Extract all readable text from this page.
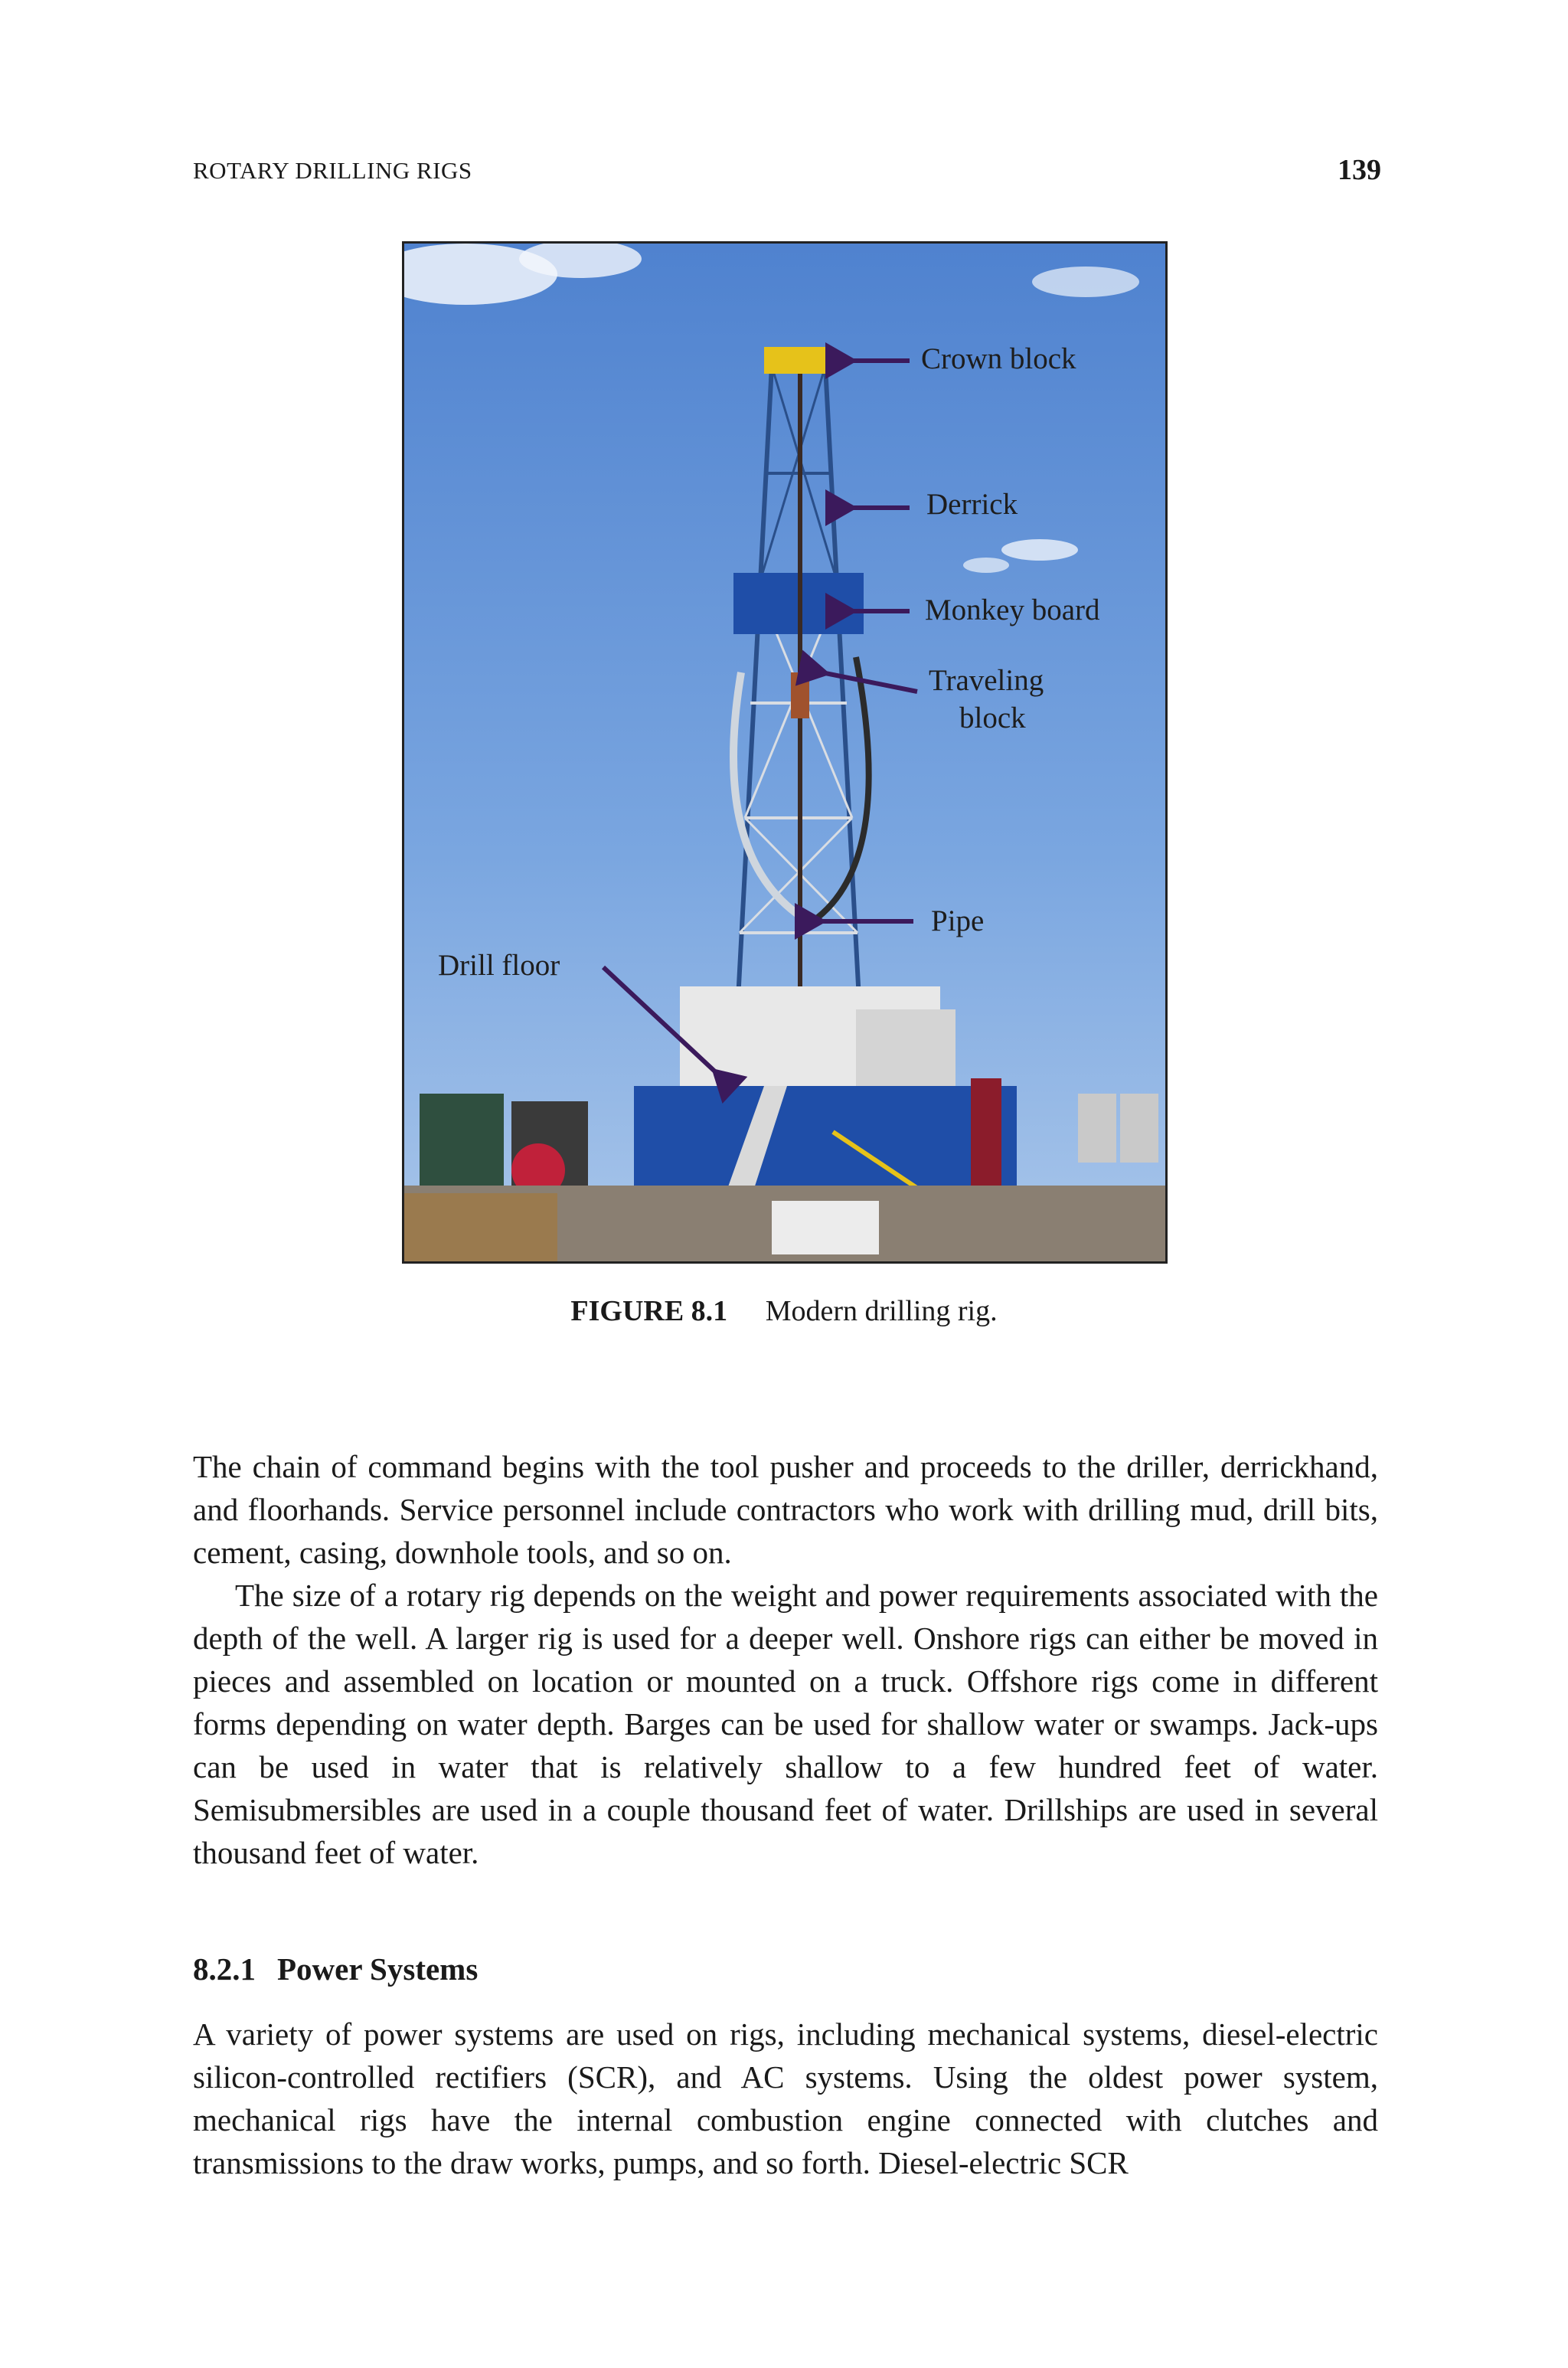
ROTARY DRILLING RIGS	139
Crown block
Derrick
Monkey board
Traveling
block
Pipe
Drill floor
FIGURE 8.1 Modern drilling rig.

The chain of command begins with the tool pusher and proceeds to the driller, derrickhand, and floorhands. Service personnel include contractors who work with drilling mud, drill bits, cement, casing, downhole tools, and so on.

The size of a rotary rig depends on the weight and power requirements associated with the depth of the well. A larger rig is used for a deeper well. Onshore rigs can either be moved in pieces and assembled on location or mounted on a truck. Offshore rigs come in different forms depending on water depth. Barges can be used for shallow water or swamps. Jack-ups can be used in water that is relatively shallow to a few hundred feet of water. Semisubmersibles are used in a couple thousand feet of water. Drillships are used in several thousand feet of water.

8.2.1 Power Systems

A variety of power systems are used on rigs, including mechanical systems, diesel-electric silicon-controlled rectifiers (SCR), and AC systems. Using the oldest power system, mechanical rigs have the internal combustion engine connected with clutches and transmissions to the draw works, pumps, and so forth. Diesel-electric SCR
